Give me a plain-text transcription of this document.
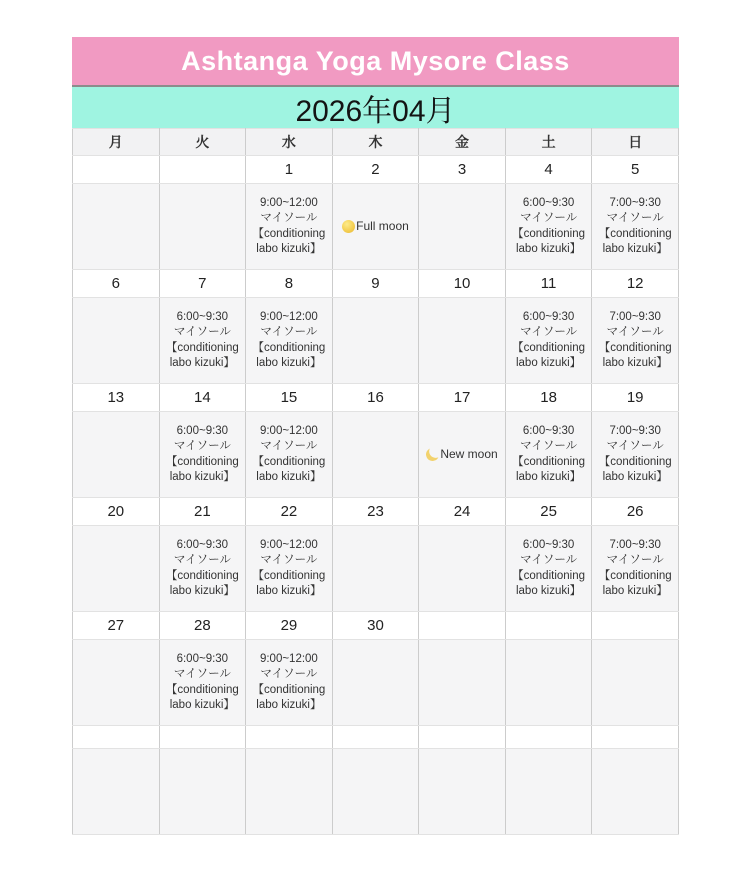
Ashtanga Yoga Mysore Class
2026年04月
月	火	水	木	金	土	日
		1	2	3	4	5

		9:00~12:00
マイソール
【conditioning labo kizuki】	Full moon		6:00~9:30
マイソール
【conditioning labo kizuki】	7:00~9:30
マイソール
【conditioning labo kizuki】

6	7	8	9	10	11	12

	6:00~9:30
マイソール
【conditioning labo kizuki】	9:00~12:00
マイソール
【conditioning labo kizuki】			6:00~9:30
マイソール
【conditioning labo kizuki】	7:00~9:30
マイソール
【conditioning labo kizuki】

13	14	15	16	17	18	19

	6:00~9:30
マイソール
【conditioning labo kizuki】	9:00~12:00
マイソール
【conditioning labo kizuki】		New moon	6:00~9:30
マイソール
【conditioning labo kizuki】	7:00~9:30
マイソール
【conditioning labo kizuki】

20	21	22	23	24	25	26

	6:00~9:30
マイソール
【conditioning labo kizuki】	9:00~12:00
マイソール
【conditioning labo kizuki】			6:00~9:30
マイソール
【conditioning labo kizuki】	7:00~9:30
マイソール
【conditioning labo kizuki】

27	28	29	30			

	6:00~9:30
マイソール
【conditioning labo kizuki】	9:00~12:00
マイソール
【conditioning labo kizuki】				
